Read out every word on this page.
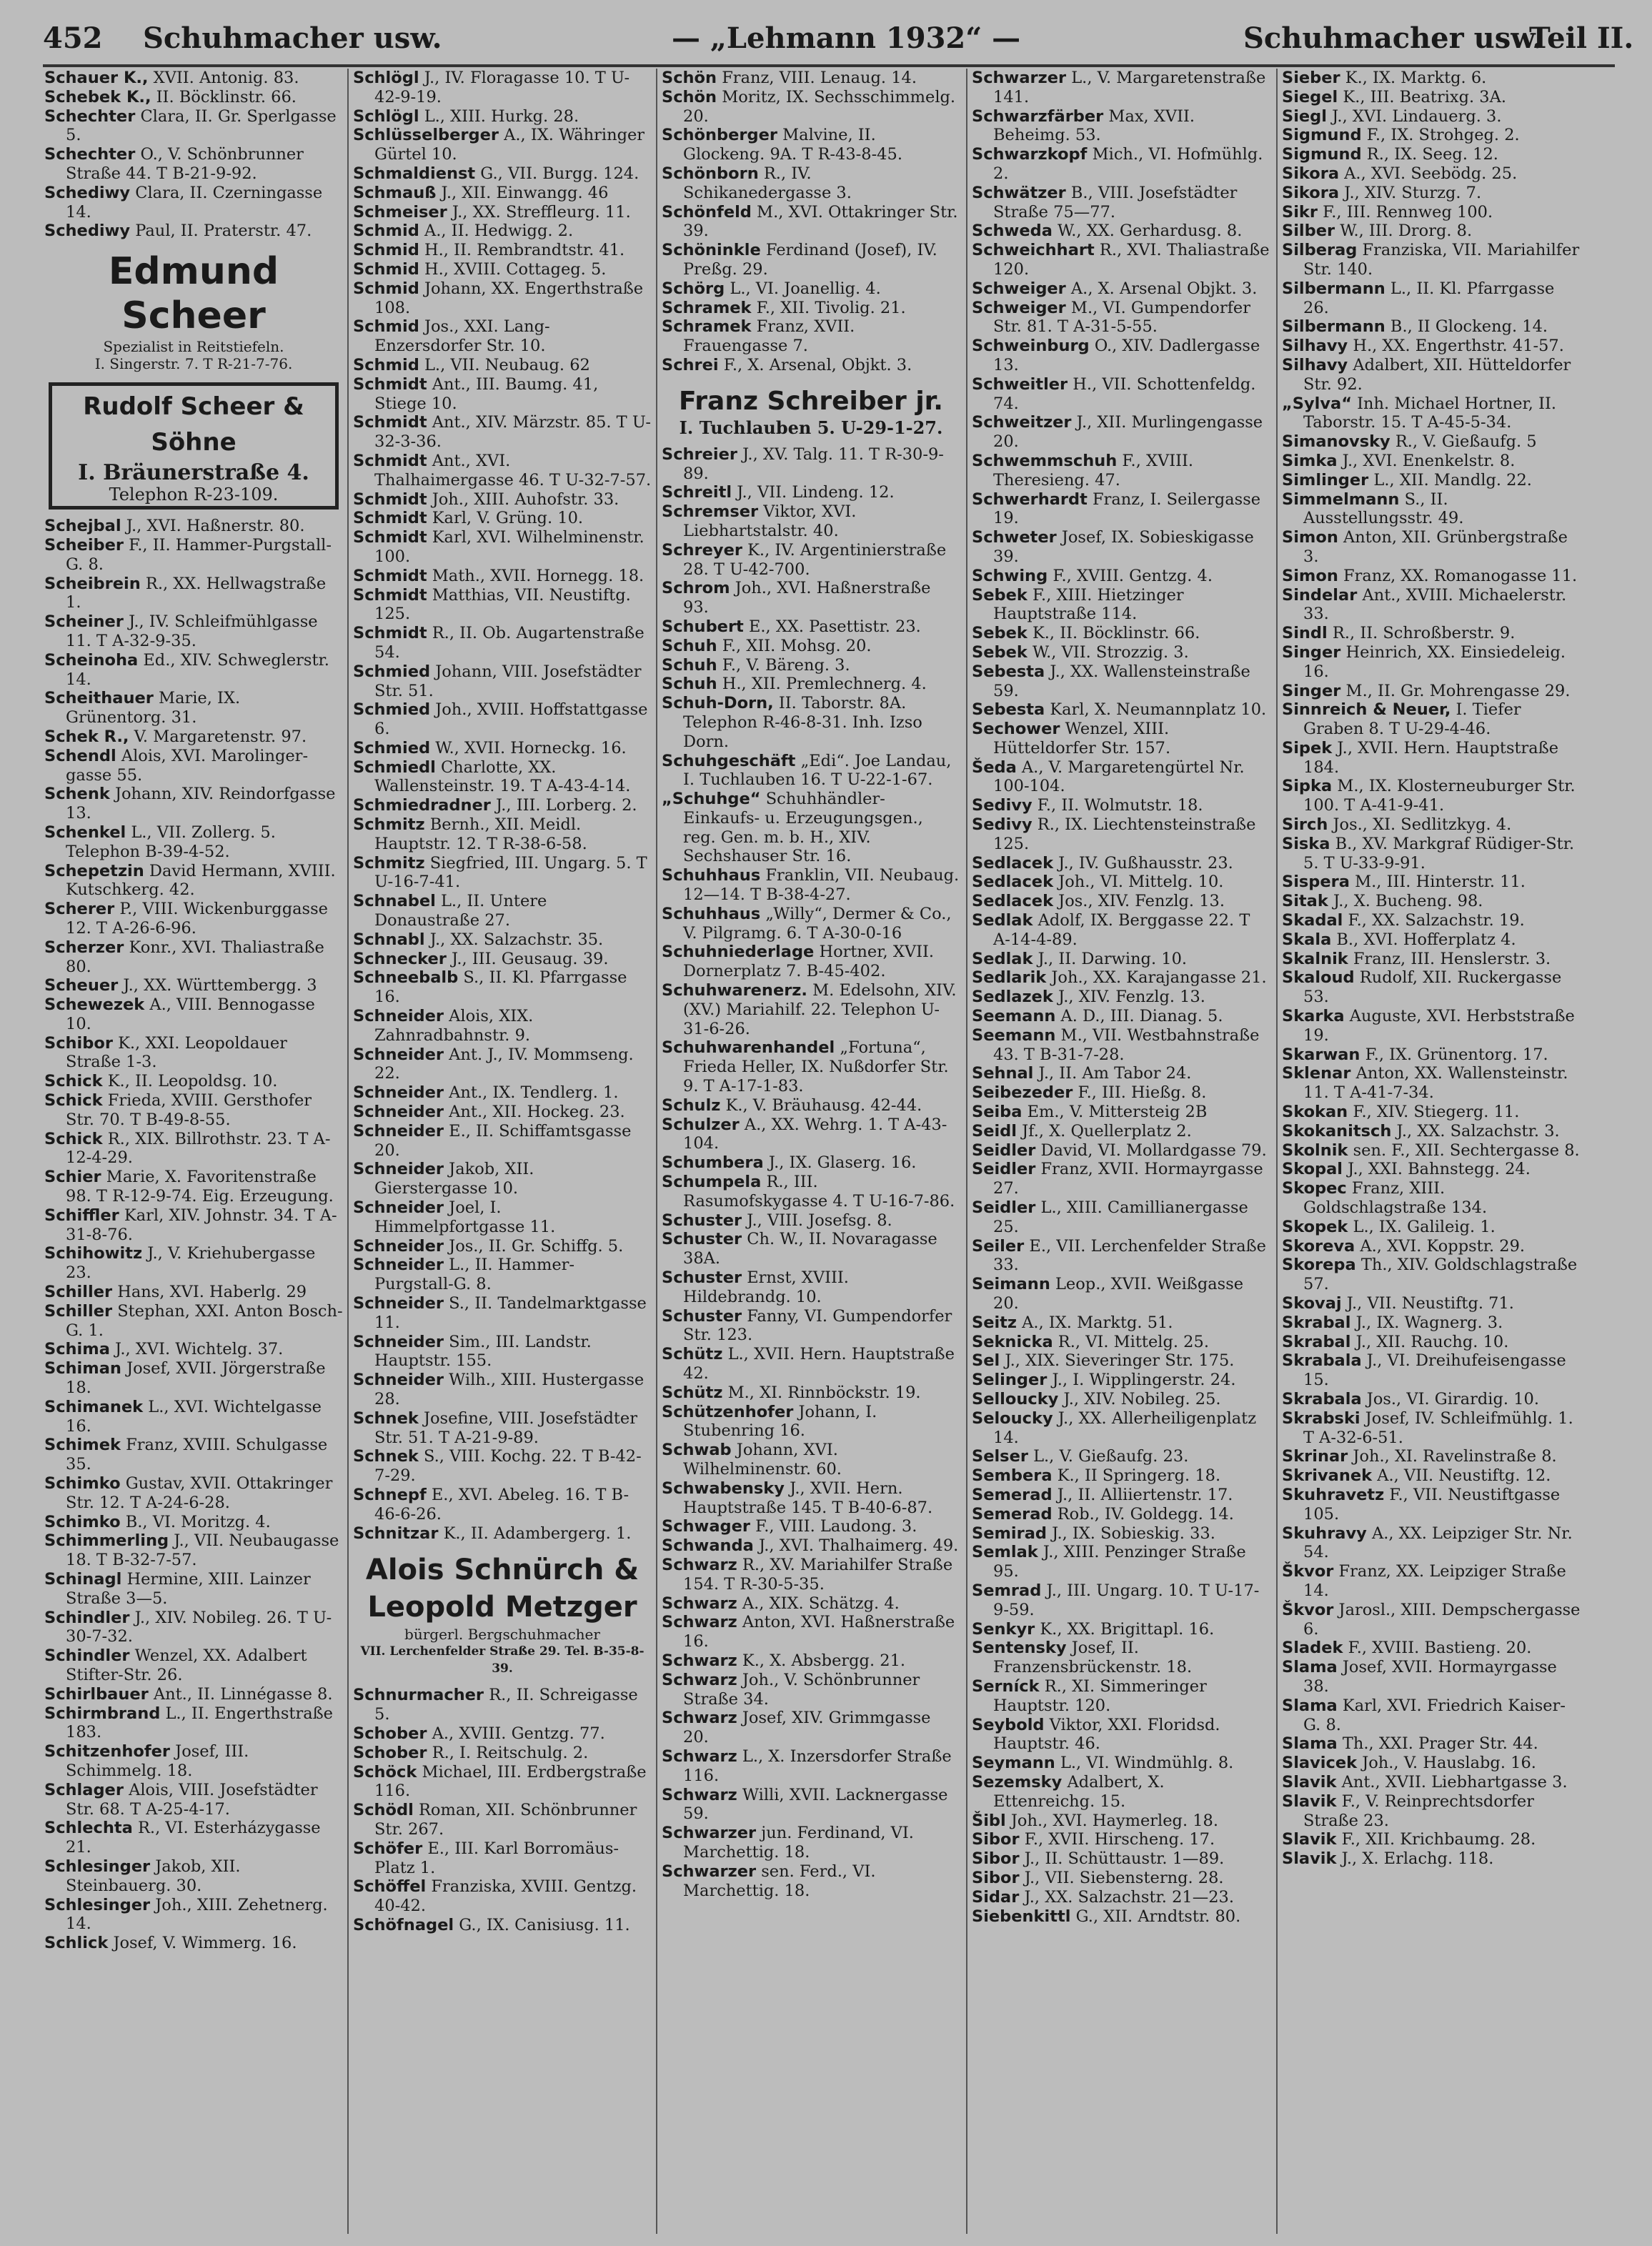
452 Schuhmacher usw.	— „Lehmann 1932“ —	Schuhmacher usw.
Teil II.

Schauer K., XVII. Antonig. 83.

Schebek K., II. Böcklinstr. 66.

Schechter Clara, II. Gr. Sperlgasse 5.

Schechter O., V. Schönbrunner Straße 44. T B-21-9-92.

Schediwy Clara, II. Czerningasse 14.

Schediwy Paul, II. Praterstr. 47.

Edmund Scheer
Spezialist in Reitstiefeln.
I. Singerstr. 7. T R-21-7-76.
Rudolf Scheer & Söhne
I. Bräunerstraße 4.
Telephon R-23-109.

Schejbal J., XVI. Haßnerstr. 80.

Scheiber F., II. Hammer-Purgstall-G. 8.

Scheibrein R., XX. Hellwagstraße 1.

Scheiner J., IV. Schleifmühlgasse 11. T A-32-9-35.

Scheinoha Ed., XIV. Schweglerstr. 14.

Scheithauer Marie, IX. Grünentorg. 31.

Schek R., V. Margaretenstr. 97.

Schendl Alois, XVI. Marolingergasse 55.

Schenk Johann, XIV. Reindorfgasse 13.

Schenkel L., VII. Zollerg. 5. Telephon B-39-4-52.

Schepetzin David Hermann, XVIII. Kutschkerg. 42.

Scherer P., VIII. Wickenburggasse 12. T A-26-6-96.

Scherzer Konr., XVI. Thaliastraße 80.

Scheuer J., XX. Württembergg. 3

Schewezek A., VIII. Bennogasse 10.

Schibor K., XXI. Leopoldauer Straße 1-3.

Schick K., II. Leopoldsg. 10.

Schick Frieda, XVIII. Gersthofer Str. 70. T B-49-8-55.

Schick R., XIX. Billrothstr. 23. T A-12-4-29.

Schier Marie, X. Favoritenstraße 98. T R-12-9-74. Eig. Erzeugung.

Schiffler Karl, XIV. Johnstr. 34. T A-31-8-76.

Schihowitz J., V. Kriehubergasse 23.

Schiller Hans, XVI. Haberlg. 29

Schiller Stephan, XXI. Anton Bosch-G. 1.

Schima J., XVI. Wichtelg. 37.

Schiman Josef, XVII. Jörgerstraße 18.

Schimanek L., XVI. Wichtelgasse 16.

Schimek Franz, XVIII. Schulgasse 35.

Schimko Gustav, XVII. Ottakringer Str. 12. T A-24-6-28.

Schimko B., VI. Moritzg. 4.

Schimmerling J., VII. Neubaugasse 18. T B-32-7-57.

Schinagl Hermine, XIII. Lainzer Straße 3—5.

Schindler J., XIV. Nobileg. 26. T U-30-7-32.

Schindler Wenzel, XX. Adalbert Stifter-Str. 26.

Schirlbauer Ant., II. Linnégasse 8.

Schirmbrand L., II. Engerthstraße 183.

Schitzenhofer Josef, III. Schimmelg. 18.

Schlager Alois, VIII. Josefstädter Str. 68. T A-25-4-17.

Schlechta R., VI. Esterházygasse 21.

Schlesinger Jakob, XII. Steinbauerg. 30.

Schlesinger Joh., XIII. Zehetnerg. 14.

Schlick Josef, V. Wimmerg. 16.

Schlögl J., IV. Floragasse 10. T U-42-9-19.

Schlögl L., XIII. Hurkg. 28.

Schlüsselberger A., IX. Währinger Gürtel 10.

Schmaldienst G., VII. Burgg. 124.

Schmauß J., XII. Einwangg. 46

Schmeiser J., XX. Streffleurg. 11.

Schmid A., II. Hedwigg. 2.

Schmid H., II. Rembrandtstr. 41.

Schmid H., XVIII. Cottageg. 5.

Schmid Johann, XX. Engerthstraße 108.

Schmid Jos., XXI. Lang-Enzersdorfer Str. 10.

Schmid L., VII. Neubaug. 62

Schmidt Ant., III. Baumg. 41, Stiege 10.

Schmidt Ant., XIV. Märzstr. 85. T U-32-3-36.

Schmidt Ant., XVI. Thalhaimergasse 46. T U-32-7-57.

Schmidt Joh., XIII. Auhofstr. 33.

Schmidt Karl, V. Grüng. 10.

Schmidt Karl, XVI. Wilhelminenstr. 100.

Schmidt Math., XVII. Hornegg. 18.

Schmidt Matthias, VII. Neustiftg. 125.

Schmidt R., II. Ob. Augartenstraße 54.

Schmied Johann, VIII. Josefstädter Str. 51.

Schmied Joh., XVIII. Hoffstattgasse 6.

Schmied W., XVII. Horneckg. 16.

Schmiedl Charlotte, XX. Wallensteinstr. 19. T A-43-4-14.

Schmiedradner J., III. Lorberg. 2.

Schmitz Bernh., XII. Meidl. Hauptstr. 12. T R-38-6-58.

Schmitz Siegfried, III. Ungarg. 5. T U-16-7-41.

Schnabel L., II. Untere Donaustraße 27.

Schnabl J., XX. Salzachstr. 35.

Schnecker J., III. Geusaug. 39.

Schneebalb S., II. Kl. Pfarrgasse 16.

Schneider Alois, XIX. Zahnradbahnstr. 9.

Schneider Ant. J., IV. Mommseng. 22.

Schneider Ant., IX. Tendlerg. 1.

Schneider Ant., XII. Hockeg. 23.

Schneider E., II. Schiffamtsgasse 20.

Schneider Jakob, XII. Gierstergasse 10.

Schneider Joel, I. Himmelpfortgasse 11.

Schneider Jos., II. Gr. Schiffg. 5.

Schneider L., II. Hammer-Purgstall-G. 8.

Schneider S., II. Tandelmarktgasse 11.

Schneider Sim., III. Landstr. Hauptstr. 155.

Schneider Wilh., XIII. Hustergasse 28.

Schnek Josefine, VIII. Josefstädter Str. 51. T A-21-9-89.

Schnek S., VIII. Kochg. 22. T B-42-7-29.

Schnepf E., XVI. Abeleg. 16. T B-46-6-26.

Schnitzar K., II. Adambergerg. 1.

Alois Schnürch &
Leopold Metzger
bürgerl. Bergschuhmacher
VII. Lerchenfelder Straße 29. Tel. B-35-8-39.

Schnurmacher R., II. Schreigasse 5.

Schober A., XVIII. Gentzg. 77.

Schober R., I. Reitschulg. 2.

Schöck Michael, III. Erdbergstraße 116.

Schödl Roman, XII. Schönbrunner Str. 267.

Schöfer E., III. Karl Borromäus-Platz 1.

Schöffel Franziska, XVIII. Gentzg. 40-42.

Schöfnagel G., IX. Canisiusg. 11.

Schön Franz, VIII. Lenaug. 14.

Schön Moritz, IX. Sechsschimmelg. 20.

Schönberger Malvine, II. Glockeng. 9A. T R-43-8-45.

Schönborn R., IV. Schikanedergasse 3.

Schönfeld M., XVI. Ottakringer Str. 39.

Schöninkle Ferdinand (Josef), IV. Preßg. 29.

Schörg L., VI. Joanellig. 4.

Schramek F., XII. Tivolig. 21.

Schramek Franz, XVII. Frauengasse 7.

Schrei F., X. Arsenal, Objkt. 3.

Franz Schreiber jr.
I. Tuchlauben 5. U-29-1-27.

Schreier J., XV. Talg. 11. T R-30-9-89.

Schreitl J., VII. Lindeng. 12.

Schremser Viktor, XVI. Liebhartstalstr. 40.

Schreyer K., IV. Argentinierstraße 28. T U-42-700.

Schrom Joh., XVI. Haßnerstraße 93.

Schubert E., XX. Pasettistr. 23.

Schuh F., XII. Mohsg. 20.

Schuh F., V. Bäreng. 3.

Schuh H., XII. Premlechnerg. 4.

Schuh-Dorn, II. Taborstr. 8A. Telephon R-46-8-31. Inh. Izso Dorn.

Schuhgeschäft „Edi“. Joe Landau, I. Tuchlauben 16. T U-22-1-67.

„Schuhge“ Schuhhändler-Einkaufs- u. Erzeugungsgen., reg. Gen. m. b. H., XIV. Sechshauser Str. 16.

Schuhhaus Franklin, VII. Neubaug. 12—14. T B-38-4-27.

Schuhhaus „Willy“, Dermer & Co., V. Pilgramg. 6. T A-30-0-16

Schuhniederlage Hortner, XVII. Dornerplatz 7. B-45-402.

Schuhwarenerz. M. Edelsohn, XIV. (XV.) Mariahilf. 22. Telephon U-31-6-26.

Schuhwarenhandel „Fortuna“, Frieda Heller, IX. Nußdorfer Str. 9. T A-17-1-83.

Schulz K., V. Bräuhausg. 42-44.

Schulzer A., XX. Wehrg. 1. T A-43-104.

Schumbera J., IX. Glaserg. 16.

Schumpela R., III. Rasumofskygasse 4. T U-16-7-86.

Schuster J., VIII. Josefsg. 8.

Schuster Ch. W., II. Novaragasse 38A.

Schuster Ernst, XVIII. Hildebrandg. 10.

Schuster Fanny, VI. Gumpendorfer Str. 123.

Schütz L., XVII. Hern. Hauptstraße 42.

Schütz M., XI. Rinnböckstr. 19.

Schützenhofer Johann, I. Stubenring 16.

Schwab Johann, XVI. Wilhelminenstr. 60.

Schwabensky J., XVII. Hern. Hauptstraße 145. T B-40-6-87.

Schwager F., VIII. Laudong. 3.

Schwanda J., XVI. Thalhaimerg. 49.

Schwarz R., XV. Mariahilfer Straße 154. T R-30-5-35.

Schwarz A., XIX. Schätzg. 4.

Schwarz Anton, XVI. Haßnerstraße 16.

Schwarz K., X. Absbergg. 21.

Schwarz Joh., V. Schönbrunner Straße 34.

Schwarz Josef, XIV. Grimmgasse 20.

Schwarz L., X. Inzersdorfer Straße 116.

Schwarz Willi, XVII. Lacknergasse 59.

Schwarzer jun. Ferdinand, VI. Marchettig. 18.

Schwarzer sen. Ferd., VI. Marchettig. 18.

Schwarzer L., V. Margaretenstraße 141.

Schwarzfärber Max, XVII. Beheimg. 53.

Schwarzkopf Mich., VI. Hofmühlg. 2.

Schwätzer B., VIII. Josefstädter Straße 75—77.

Schweda W., XX. Gerhardusg. 8.

Schweichhart R., XVI. Thaliastraße 120.

Schweiger A., X. Arsenal Objkt. 3.

Schweiger M., VI. Gumpendorfer Str. 81. T A-31-5-55.

Schweinburg O., XIV. Dadlergasse 13.

Schweitler H., VII. Schottenfeldg. 74.

Schweitzer J., XII. Murlingengasse 20.

Schwemmschuh F., XVIII. Theresieng. 47.

Schwerhardt Franz, I. Seilergasse 19.

Schweter Josef, IX. Sobieskigasse 39.

Schwing F., XVIII. Gentzg. 4.

Sebek F., XIII. Hietzinger Hauptstraße 114.

Sebek K., II. Böcklinstr. 66.

Sebek W., VII. Strozzig. 3.

Sebesta J., XX. Wallensteinstraße 59.

Sebesta Karl, X. Neumannplatz 10.

Sechower Wenzel, XIII. Hütteldorfer Str. 157.

Šeda A., V. Margaretengürtel Nr. 100-104.

Sedivy F., II. Wolmutstr. 18.

Sedivy R., IX. Liechtensteinstraße 125.

Sedlacek J., IV. Gußhausstr. 23.

Sedlacek Joh., VI. Mittelg. 10.

Sedlacek Jos., XIV. Fenzlg. 13.

Sedlak Adolf, IX. Berggasse 22. T A-14-4-89.

Sedlak J., II. Darwing. 10.

Sedlarik Joh., XX. Karajangasse 21.

Sedlazek J., XIV. Fenzlg. 13.

Seemann A. D., III. Dianag. 5.

Seemann M., VII. Westbahnstraße 43. T B-31-7-28.

Sehnal J., II. Am Tabor 24.

Seibezeder F., III. Hießg. 8.

Seiba Em., V. Mittersteig 2B

Seidl Jf., X. Quellerplatz 2.

Seidler David, VI. Mollardgasse 79.

Seidler Franz, XVII. Hormayrgasse 27.

Seidler L., XIII. Camillianergasse 25.

Seiler E., VII. Lerchenfelder Straße 33.

Seimann Leop., XVII. Weißgasse 20.

Seitz A., IX. Marktg. 51.

Seknicka R., VI. Mittelg. 25.

Sel J., XIX. Sieveringer Str. 175.

Selinger J., I. Wipplingerstr. 24.

Selloucky J., XIV. Nobileg. 25.

Seloucky J., XX. Allerheiligenplatz 14.

Selser L., V. Gießaufg. 23.

Sembera K., II Springerg. 18.

Semerad J., II. Alliiertenstr. 17.

Semerad Rob., IV. Goldegg. 14.

Semirad J., IX. Sobieskig. 33.

Semlak J., XIII. Penzinger Straße 95.

Semrad J., III. Ungarg. 10. T U-17-9-59.

Senkyr K., XX. Brigittapl. 16.

Sentensky Josef, II. Franzensbrückenstr. 18.

Serníck R., XI. Simmeringer Hauptstr. 120.

Seybold Viktor, XXI. Floridsd. Hauptstr. 46.

Seymann L., VI. Windmühlg. 8.

Sezemsky Adalbert, X. Ettenreichg. 15.

Šibl Joh., XVI. Haymerleg. 18.

Sibor F., XVII. Hirscheng. 17.

Sibor J., II. Schüttaustr. 1—89.

Sibor J., VII. Siebensterng. 28.

Sidar J., XX. Salzachstr. 21—23.

Siebenkittl G., XII. Arndtstr. 80.

Sieber K., IX. Marktg. 6.

Siegel K., III. Beatrixg. 3A.

Siegl J., XVI. Lindauerg. 3.

Sigmund F., IX. Strohgeg. 2.

Sigmund R., IX. Seeg. 12.

Sikora A., XVI. Seebödg. 25.

Sikora J., XIV. Sturzg. 7.

Sikr F., III. Rennweg 100.

Silber W., III. Drorg. 8.

Silberag Franziska, VII. Mariahilfer Str. 140.

Silbermann L., II. Kl. Pfarrgasse 26.

Silbermann B., II Glockeng. 14.

Silhavy H., XX. Engerthstr. 41-57.

Silhavy Adalbert, XII. Hütteldorfer Str. 92.

„Sylva“ Inh. Michael Hortner, II. Taborstr. 15. T A-45-5-34.

Simanovsky R., V. Gießaufg. 5

Simka J., XVI. Enenkelstr. 8.

Simlinger L., XII. Mandlg. 22.

Simmelmann S., II. Ausstellungsstr. 49.

Simon Anton, XII. Grünbergstraße 3.

Simon Franz, XX. Romanogasse 11.

Sindelar Ant., XVIII. Michaelerstr. 33.

Sindl R., II. Schroßberstr. 9.

Singer Heinrich, XX. Einsiedeleig. 16.

Singer M., II. Gr. Mohrengasse 29.

Sinnreich & Neuer, I. Tiefer Graben 8. T U-29-4-46.

Sipek J., XVII. Hern. Hauptstraße 184.

Sipka M., IX. Klosterneuburger Str. 100. T A-41-9-41.

Sirch Jos., XI. Sedlitzkyg. 4.

Siska B., XV. Markgraf Rüdiger-Str. 5. T U-33-9-91.

Sispera M., III. Hinterstr. 11.

Sitak J., X. Bucheng. 98.

Skadal F., XX. Salzachstr. 19.

Skala B., XVI. Hofferplatz 4.

Skalnik Franz, III. Henslerstr. 3.

Skaloud Rudolf, XII. Ruckergasse 53.

Skarka Auguste, XVI. Herbststraße 19.

Skarwan F., IX. Grünentorg. 17.

Sklenar Anton, XX. Wallensteinstr. 11. T A-41-7-34.

Skokan F., XIV. Stiegerg. 11.

Skokanitsch J., XX. Salzachstr. 3.

Skolnik sen. F., XII. Sechtergasse 8.

Skopal J., XXI. Bahnstegg. 24.

Skopec Franz, XIII. Goldschlagstraße 134.

Skopek L., IX. Galileig. 1.

Skoreva A., XVI. Koppstr. 29.

Skorepa Th., XIV. Goldschlagstraße 57.

Skovaj J., VII. Neustiftg. 71.

Skrabal J., IX. Wagnerg. 3.

Skrabal J., XII. Rauchg. 10.

Skrabala J., VI. Dreihufeisengasse 15.

Skrabala Jos., VI. Girardig. 10.

Skrabski Josef, IV. Schleifmühlg. 1. T A-32-6-51.

Skrinar Joh., XI. Ravelinstraße 8.

Skrivanek A., VII. Neustiftg. 12.

Skuhravetz F., VII. Neustiftgasse 105.

Skuhravy A., XX. Leipziger Str. Nr. 54.

Škvor Franz, XX. Leipziger Straße 14.

Škvor Jarosl., XIII. Dempschergasse 6.

Sladek F., XVIII. Bastieng. 20.

Slama Josef, XVII. Hormayrgasse 38.

Slama Karl, XVI. Friedrich Kaiser-G. 8.

Slama Th., XXI. Prager Str. 44.

Slavicek Joh., V. Hauslabg. 16.

Slavik Ant., XVII. Liebhartgasse 3.

Slavik F., V. Reinprechtsdorfer Straße 23.

Slavik F., XII. Krichbaumg. 28.

Slavik J., X. Erlachg. 118.
